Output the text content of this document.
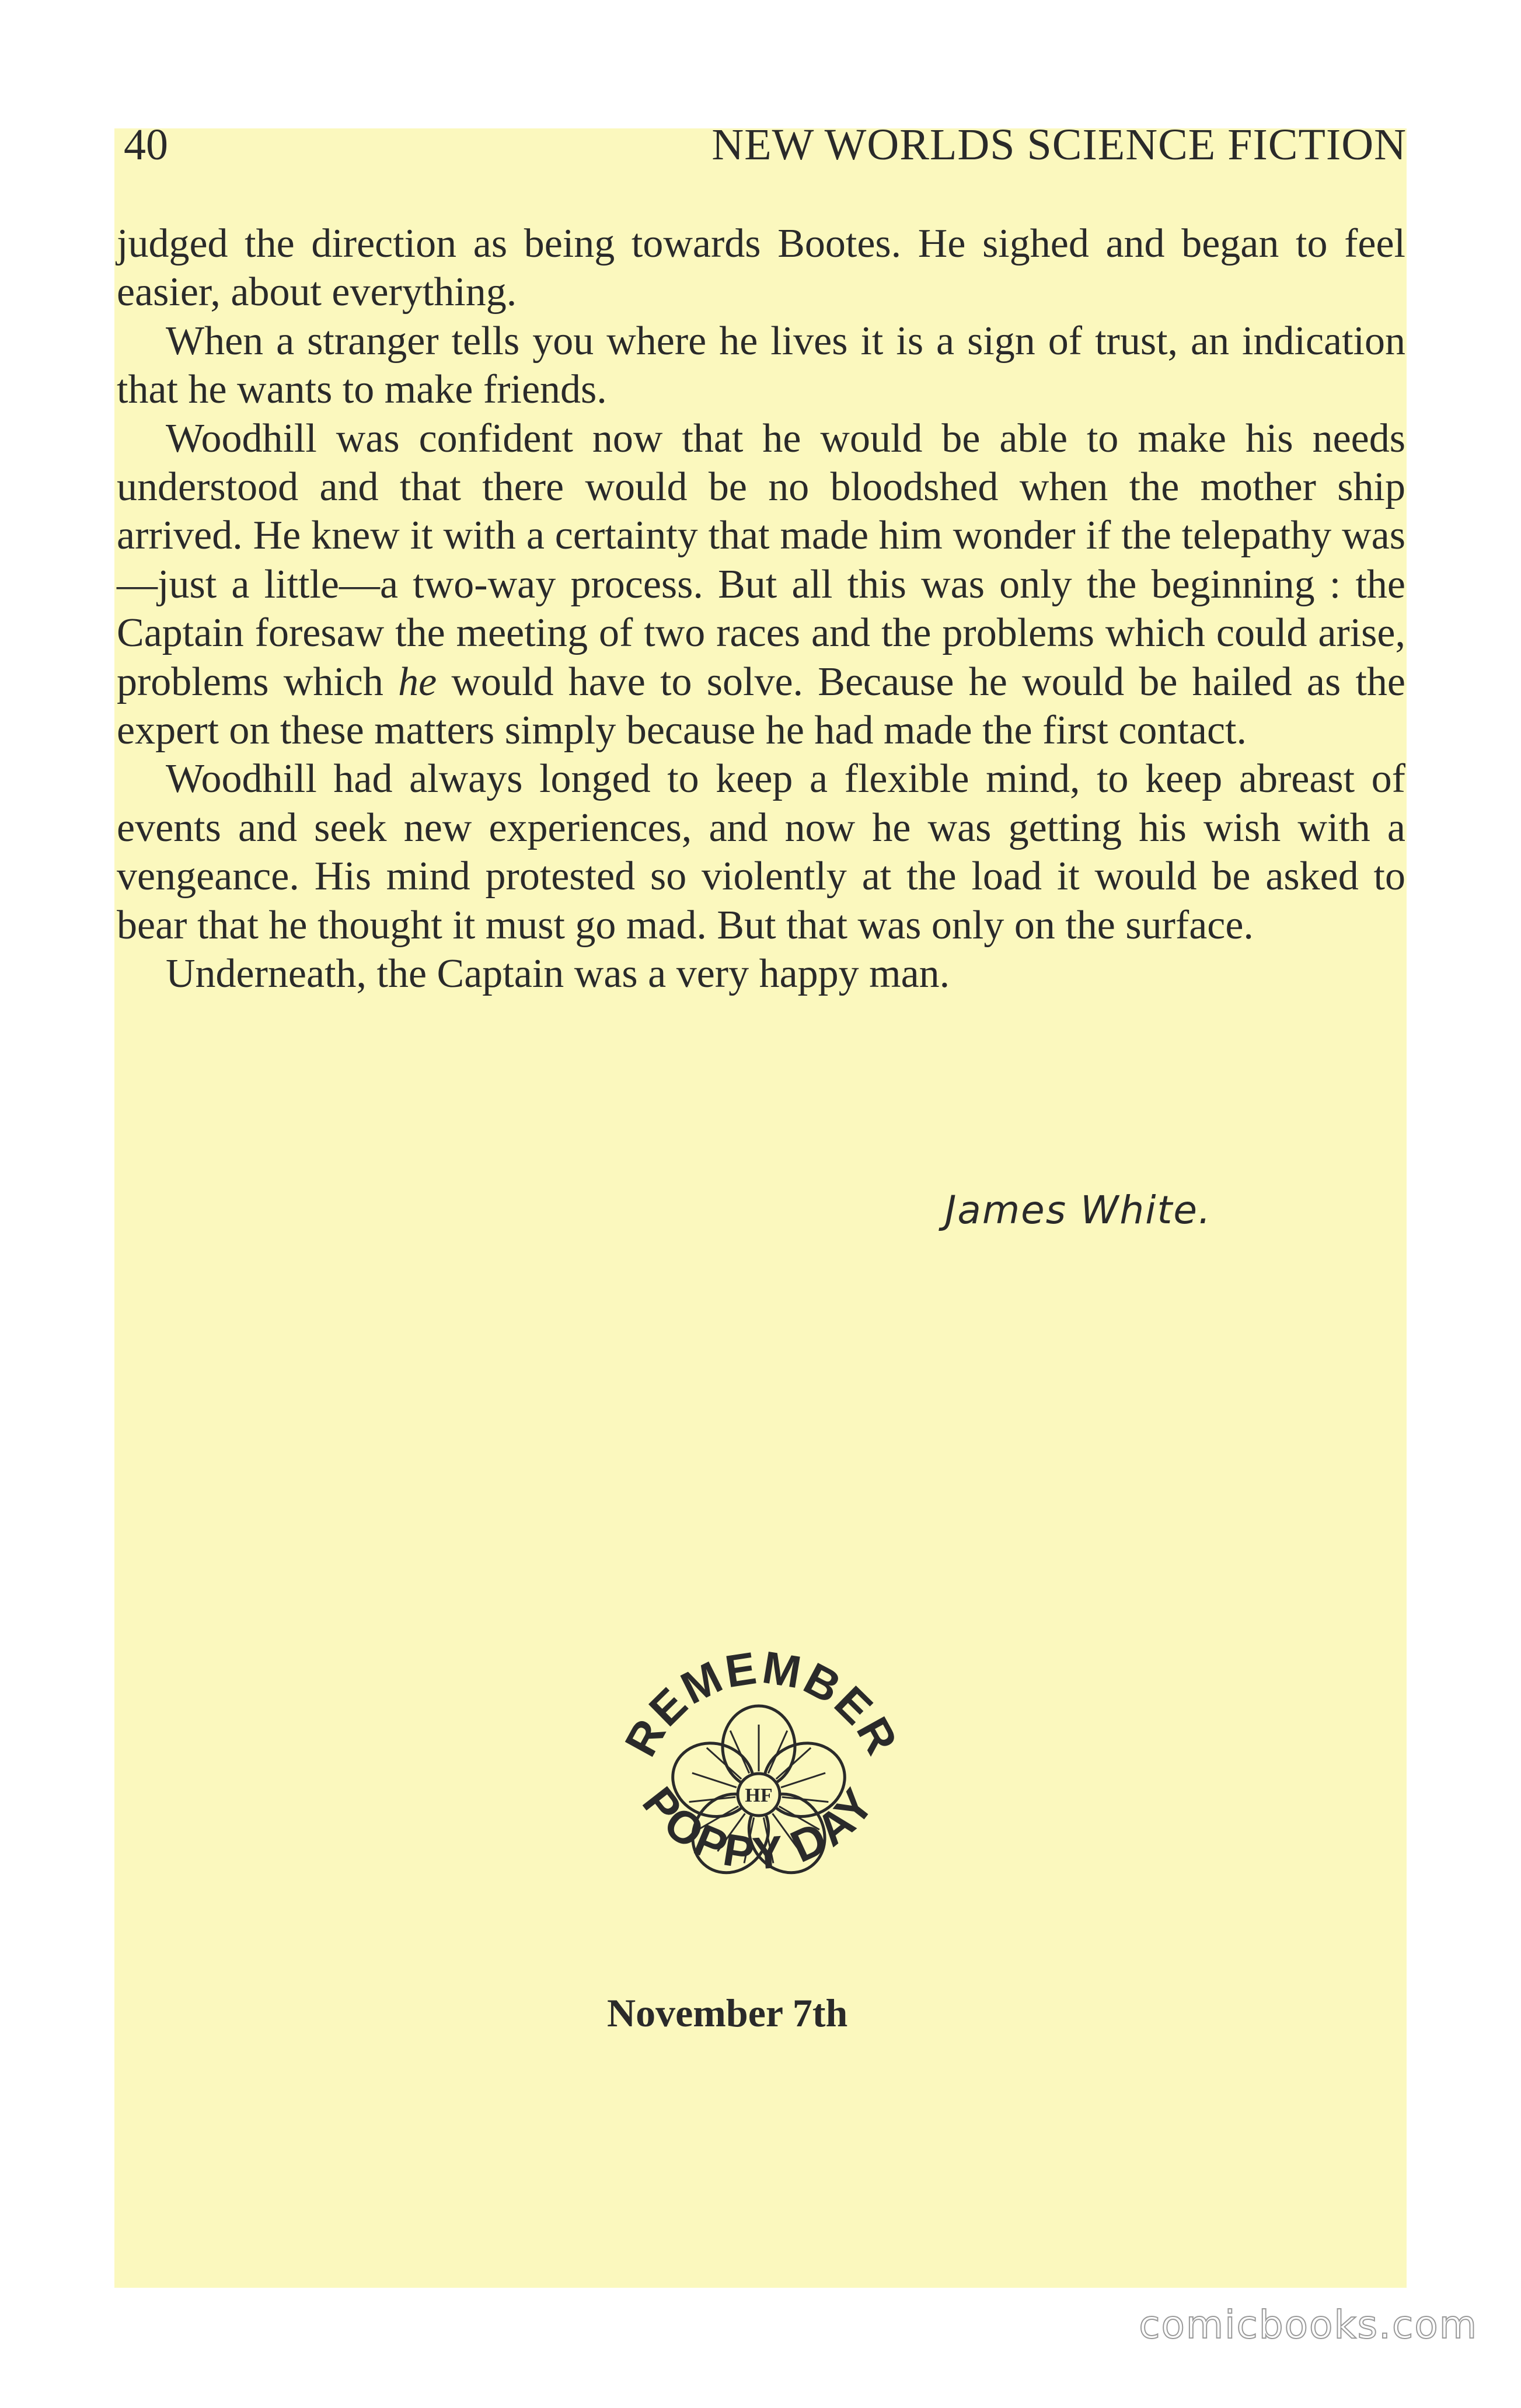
40	NEW WORLDS SCIENCE FICTION

judged the direction as being towards Bootes. He sighed and began to feel easier, about everything.

When a stranger tells you where he lives it is a sign of trust, an indication that he wants to make friends.

Woodhill was confident now that he would be able to make his needs understood and that there would be no bloodshed when the mother ship arrived. He knew it with a certainty that made him wonder if the telepathy was—just a little—a two-way process. But all this was only the beginning : the Captain foresaw the meeting of two races and the problems which could arise, problems which he would have to solve. Because he would be hailed as the expert on these matters simply because he had made the first contact.

Woodhill had always longed to keep a flexible mind, to keep abreast of events and seek new experiences, and now he was getting his wish with a vengeance. His mind protested so violently at the load it would be asked to bear that he thought it must go mad. But that was only on the surface.

Underneath, the Captain was a very happy man.

James White.
REMEMBER
POPPY DAY
HF
November 7th
comicbooks.com
